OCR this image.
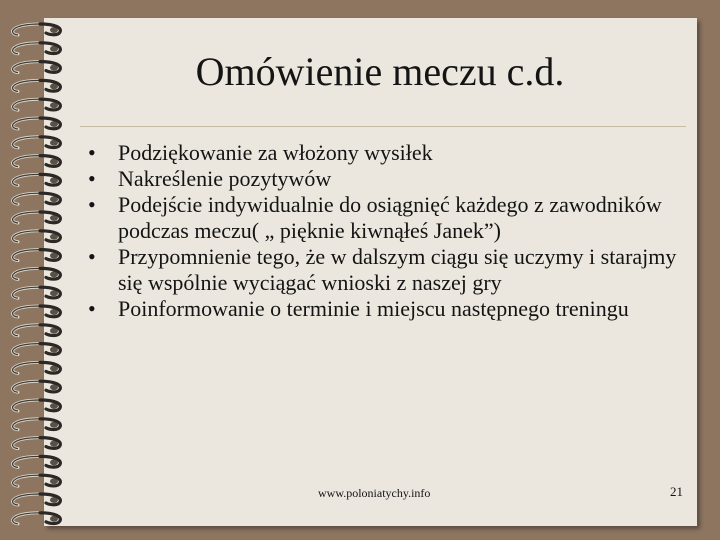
Omówienie meczu c.d.
• Podziękowanie za włożony wysiłek
• Nakreślenie pozytywów
• Podejście indywidualnie do osiągnięć każdego z zawodników podczas meczu( „ pięknie kiwnąłeś Janek”)
• Przypomnienie tego, że w dalszym ciągu się uczymy i starajmy się wspólnie wyciągać wnioski z naszej gry
• Poinformowanie o terminie i miejscu następnego treningu
www.poloniatychy.info	21
